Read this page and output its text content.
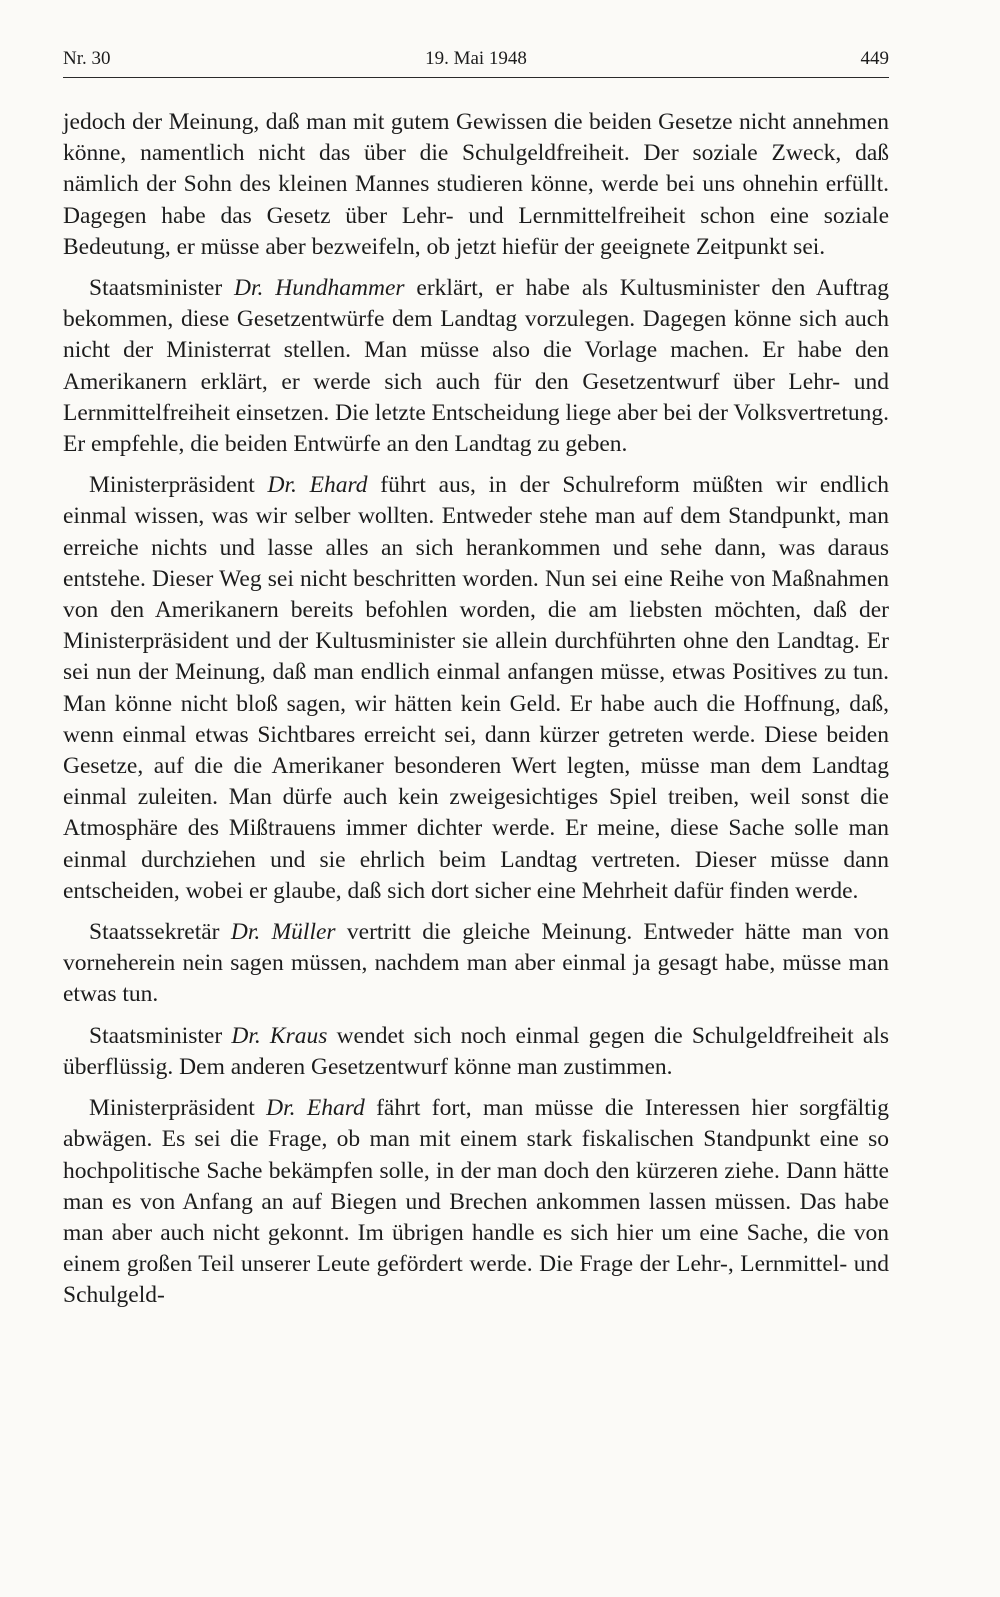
Nr. 30	19. Mai 1948	449

jedoch der Meinung, daß man mit gutem Gewissen die beiden Gesetze nicht annehmen könne, namentlich nicht das über die Schulgeldfreiheit. Der soziale Zweck, daß nämlich der Sohn des kleinen Mannes studieren könne, werde bei uns ohnehin erfüllt. Dagegen habe das Gesetz über Lehr- und Lernmittelfreiheit schon eine soziale Bedeutung, er müsse aber bezweifeln, ob jetzt hiefür der geeignete Zeitpunkt sei.

Staatsminister Dr. Hundhammer erklärt, er habe als Kultusminister den Auftrag bekommen, diese Gesetzentwürfe dem Landtag vorzulegen. Dagegen könne sich auch nicht der Ministerrat stellen. Man müsse also die Vorlage machen. Er habe den Amerikanern erklärt, er werde sich auch für den Gesetzentwurf über Lehr- und Lernmittelfreiheit einsetzen. Die letzte Entscheidung liege aber bei der Volksvertretung. Er empfehle, die beiden Entwürfe an den Landtag zu geben.

Ministerpräsident Dr. Ehard führt aus, in der Schulreform müßten wir endlich einmal wissen, was wir selber wollten. Entweder stehe man auf dem Standpunkt, man erreiche nichts und lasse alles an sich herankommen und sehe dann, was daraus entstehe. Dieser Weg sei nicht beschritten worden. Nun sei eine Reihe von Maßnahmen von den Amerikanern bereits befohlen worden, die am liebsten möchten, daß der Ministerpräsident und der Kultusminister sie allein durchführten ohne den Landtag. Er sei nun der Meinung, daß man endlich einmal anfangen müsse, etwas Positives zu tun. Man könne nicht bloß sagen, wir hätten kein Geld. Er habe auch die Hoffnung, daß, wenn einmal etwas Sichtbares erreicht sei, dann kürzer getreten werde. Diese beiden Gesetze, auf die die Amerikaner besonderen Wert legten, müsse man dem Landtag einmal zuleiten. Man dürfe auch kein zweigesichtiges Spiel treiben, weil sonst die Atmosphäre des Mißtrauens immer dichter werde. Er meine, diese Sache solle man einmal durchziehen und sie ehrlich beim Landtag vertreten. Dieser müsse dann entscheiden, wobei er glaube, daß sich dort sicher eine Mehrheit dafür finden werde.

Staatssekretär Dr. Müller vertritt die gleiche Meinung. Entweder hätte man von vorneherein nein sagen müssen, nachdem man aber einmal ja gesagt habe, müsse man etwas tun.

Staatsminister Dr. Kraus wendet sich noch einmal gegen die Schulgeldfreiheit als überflüssig. Dem anderen Gesetzentwurf könne man zustimmen.

Ministerpräsident Dr. Ehard fährt fort, man müsse die Interessen hier sorgfältig abwägen. Es sei die Frage, ob man mit einem stark fiskalischen Standpunkt eine so hochpolitische Sache bekämpfen solle, in der man doch den kürzeren ziehe. Dann hätte man es von Anfang an auf Biegen und Brechen ankommen lassen müssen. Das habe man aber auch nicht gekonnt. Im übrigen handle es sich hier um eine Sache, die von einem großen Teil unserer Leute gefördert werde. Die Frage der Lehr-, Lernmittel- und Schulgeld-
